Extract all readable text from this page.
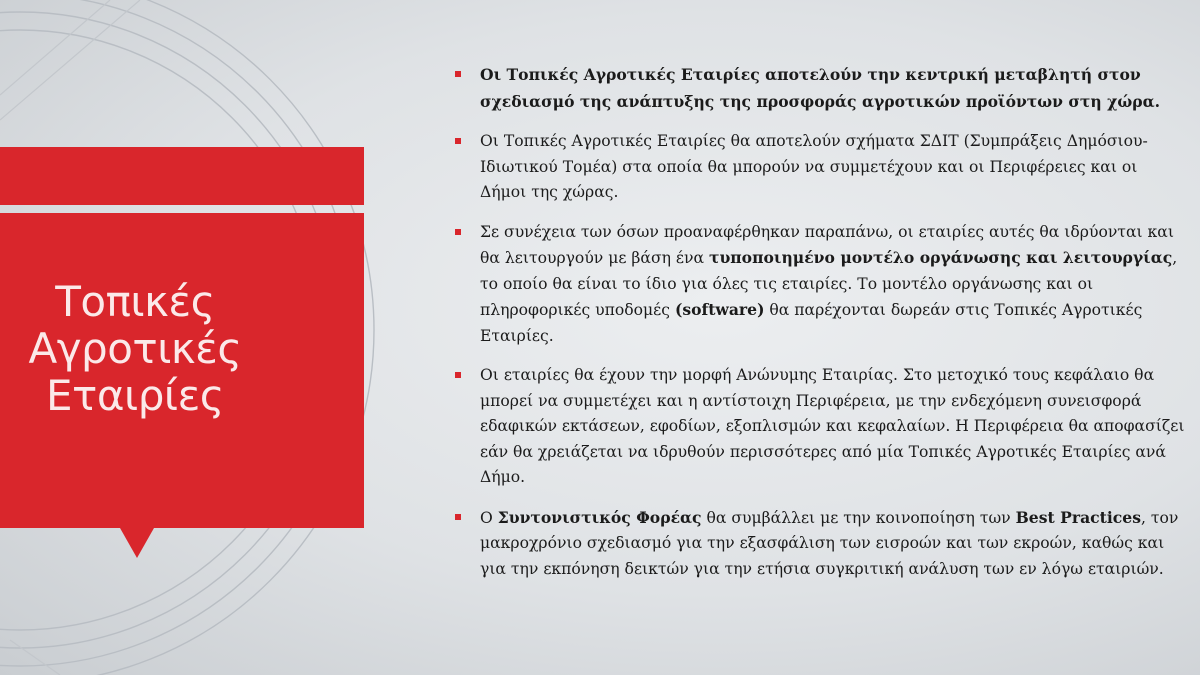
Τοπικές
Αγροτικές
Εταιρίες
Οι Τοπικές Αγροτικές Εταιρίες αποτελούν την κεντρική μεταβλητή στον σχεδιασμό της ανάπτυξης της προσφοράς αγροτικών προϊόντων στη χώρα.
Οι Τοπικές Αγροτικές Εταιρίες θα αποτελούν σχήματα ΣΔΙΤ (Συμπράξεις Δημόσιου-Ιδιωτικού Τομέα) στα οποία θα μπορούν να συμμετέχουν και οι Περιφέρειες και οι Δήμοι της χώρας.
Σε συνέχεια των όσων προαναφέρθηκαν παραπάνω, οι εταιρίες αυτές θα ιδρύονται και θα λειτουργούν με βάση ένα τυποποιημένο μοντέλο οργάνωσης και λειτουργίας, το οποίο θα είναι το ίδιο για όλες τις εταιρίες. Το μοντέλο οργάνωσης και οι πληροφορικές υποδομές (software) θα παρέχονται δωρεάν στις Τοπικές Αγροτικές Εταιρίες.
Οι εταιρίες θα έχουν την μορφή Ανώνυμης Εταιρίας. Στο μετοχικό τους κεφάλαιο θα μπορεί να συμμετέχει και η αντίστοιχη Περιφέρεια, με την ενδεχόμενη συνεισφορά εδαφικών εκτάσεων, εφοδίων, εξοπλισμών και κεφαλαίων. Η Περιφέρεια θα αποφασίζει εάν θα χρειάζεται να ιδρυθούν περισσότερες από μία Τοπικές Αγροτικές Εταιρίες ανά Δήμο.
Ο Συντονιστικός Φορέας θα συμβάλλει με την κοινοποίηση των Best Practices, τον μακροχρόνιο σχεδιασμό για την εξασφάλιση των εισροών και των εκροών, καθώς και για την εκπόνηση δεικτών για την ετήσια συγκριτική ανάλυση των εν λόγω εταιριών.
